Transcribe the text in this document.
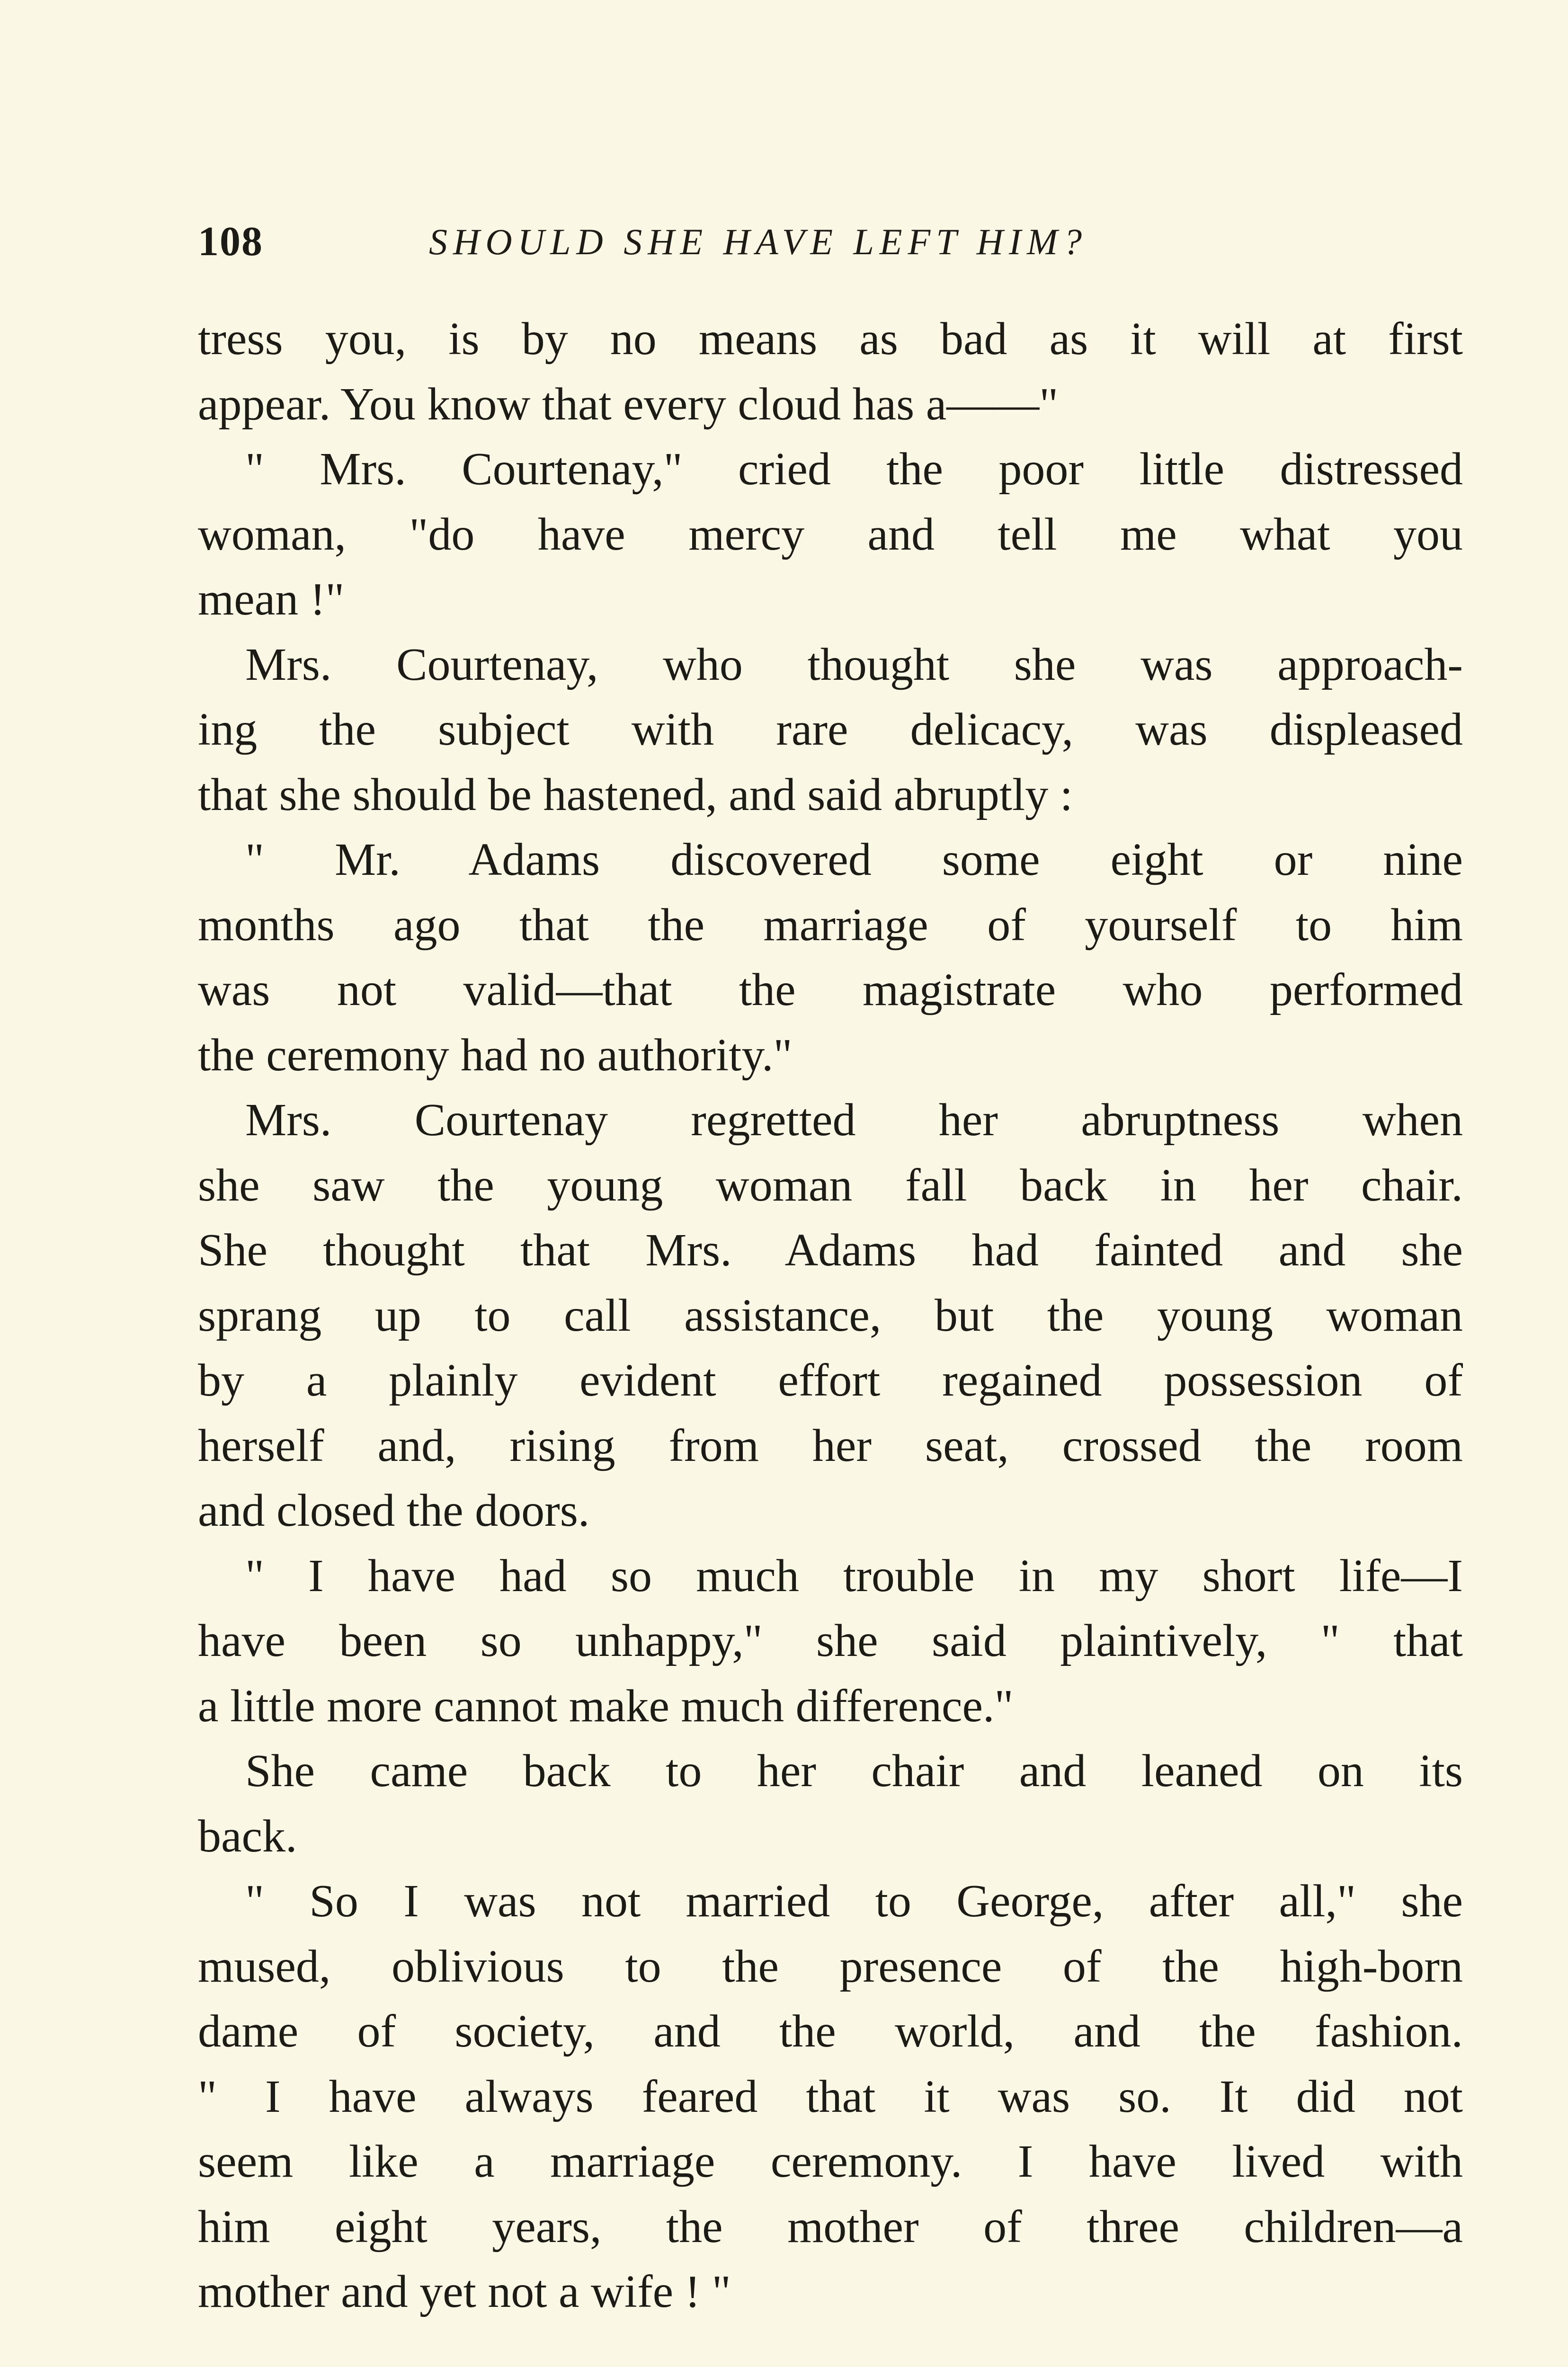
108	SHOULD SHE HAVE LEFT HIM?
tress you, is by no means as bad as it will at first
appear. You know that every cloud has a——"
" Mrs. Courtenay," cried the poor little distressed
woman, "do have mercy and tell me what you
mean !"
Mrs. Courtenay, who thought she was approach-
ing the subject with rare delicacy, was displeased
that she should be hastened, and said abruptly :
" Mr. Adams discovered some eight or nine
months ago that the marriage of yourself to him
was not valid—that the magistrate who performed
the ceremony had no authority."
Mrs. Courtenay regretted her abruptness when
she saw the young woman fall back in her chair.
She thought that Mrs. Adams had fainted and she
sprang up to call assistance, but the young woman
by a plainly evident effort regained possession of
herself and, rising from her seat, crossed the room
and closed the doors.
" I have had so much trouble in my short life—I
have been so unhappy," she said plaintively, " that
a little more cannot make much difference."
She came back to her chair and leaned on its
back.
" So I was not married to George, after all," she
mused, oblivious to the presence of the high-born
dame of society, and the world, and the fashion.
" I have always feared that it was so. It did not
seem like a marriage ceremony. I have lived with
him eight years, the mother of three children—a
mother and yet not a wife ! "
